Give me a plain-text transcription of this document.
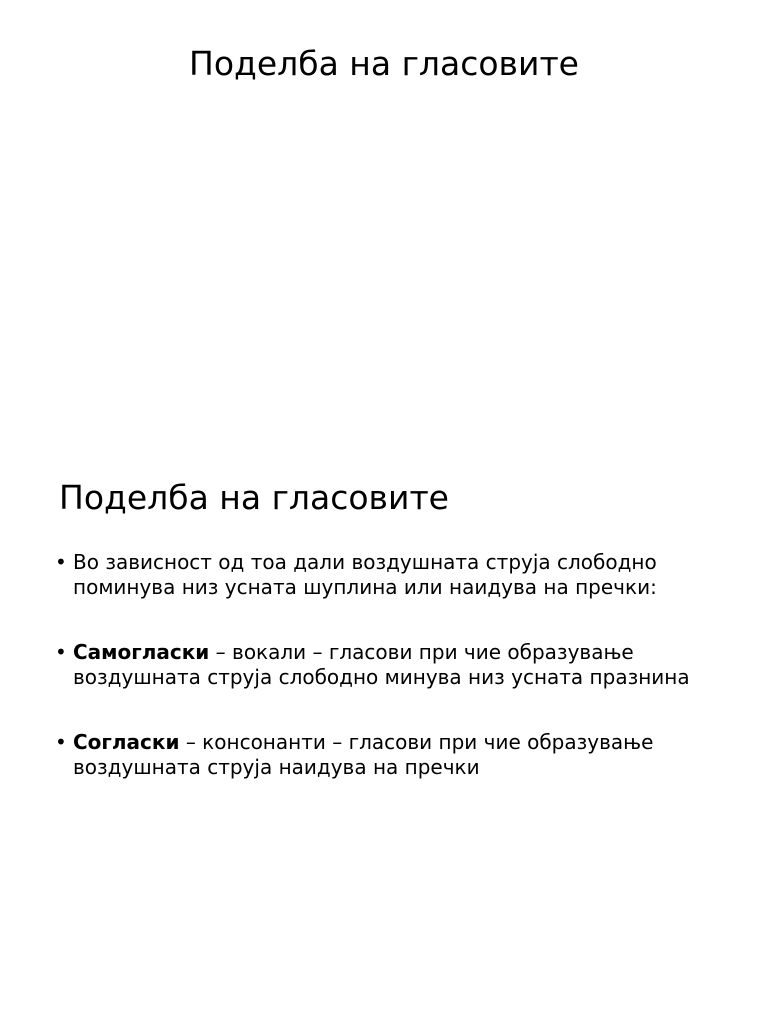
Поделба на гласовите
Поделба на гласовите
• Во зависност од тоа дали воздушната струја слободно поминува низ усната шуплина или наидува на пречки:
• Самогласки – вокали – гласови при чие образување воздушната струја слободно минува низ усната празнина
• Согласки – консонанти – гласови при чие образување воздушната струја наидува на пречки
